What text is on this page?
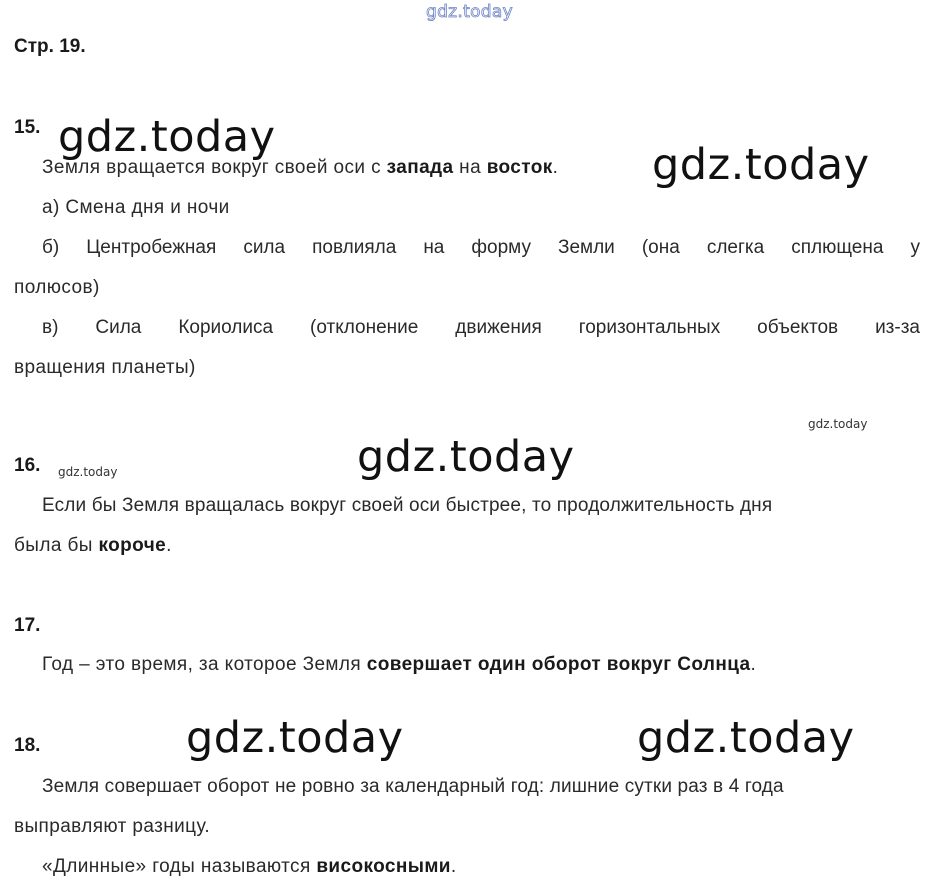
gdz.today
Стр. 19.
15. gdz.today
Земля вращается вокруг своей оси с запада на восток. gdz.today
а) Смена дня и ночи
б) Центробежная сила повлияла на форму Земли (она слегка сплющена у
полюсов)
в) Сила Кориолиса (отклонение движения горизонтальных объектов из-за
вращения планеты)
gdz.today
gdz.today
16. gdz.today
Если бы Земля вращалась вокруг своей оси быстрее, то продолжительность дня
была бы короче.
17.
Год – это время, за которое Земля совершает один оборот вокруг Солнца.
gdz.today	gdz.today
18.
Земля совершает оборот не ровно за календарный год: лишние сутки раз в 4 года
выправляют разницу.
«Длинные» годы называются високосными.
